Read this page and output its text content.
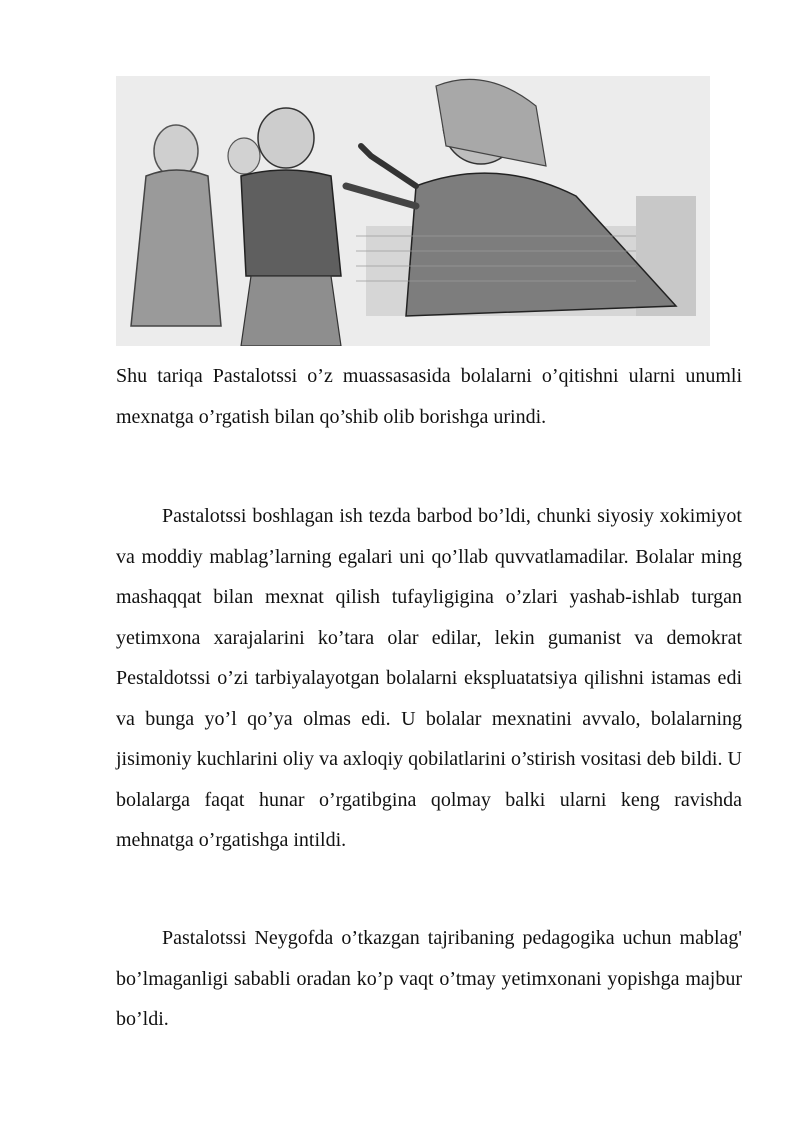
Shu tariqa Pastalotssi o’z muassasasida bolalarni o’qitishni ularni unumli mexnatga o’rgatish bilan qo’shib olib borishga urindi.

Pastalotssi boshlagan ish tezda barbod bo’ldi, chunki siyosiy xokimiyot va moddiy mablag’larning egalari uni qo’llab quvvatlamadilar. Bolalar ming mashaqqat bilan mexnat qilish tufayligigina o’zlari yashab-ishlab turgan yetimxona xarajalarini ko’tara olar edilar, lekin gumanist va demokrat Pestaldotssi o’zi tarbiyalayotgan bolalarni ekspluatatsiya qilishni istamas edi va bunga yo’l qo’ya olmas edi. U bolalar mexnatini avvalo, bolalarning jisimoniy kuchlarini oliy va axloqiy qobilatlarini o’stirish vositasi deb bildi. U bolalarga faqat hunar o’rgatibgina qolmay balki ularni keng ravishda mehnatga o’rgatishga intildi.

Pastalotssi Neygofda o’tkazgan tajribaning pedagogika uchun mablag' bo’lmaganligi sababli oradan ko’p vaqt o’tmay yetimxonani yopishga majbur bo’ldi.
